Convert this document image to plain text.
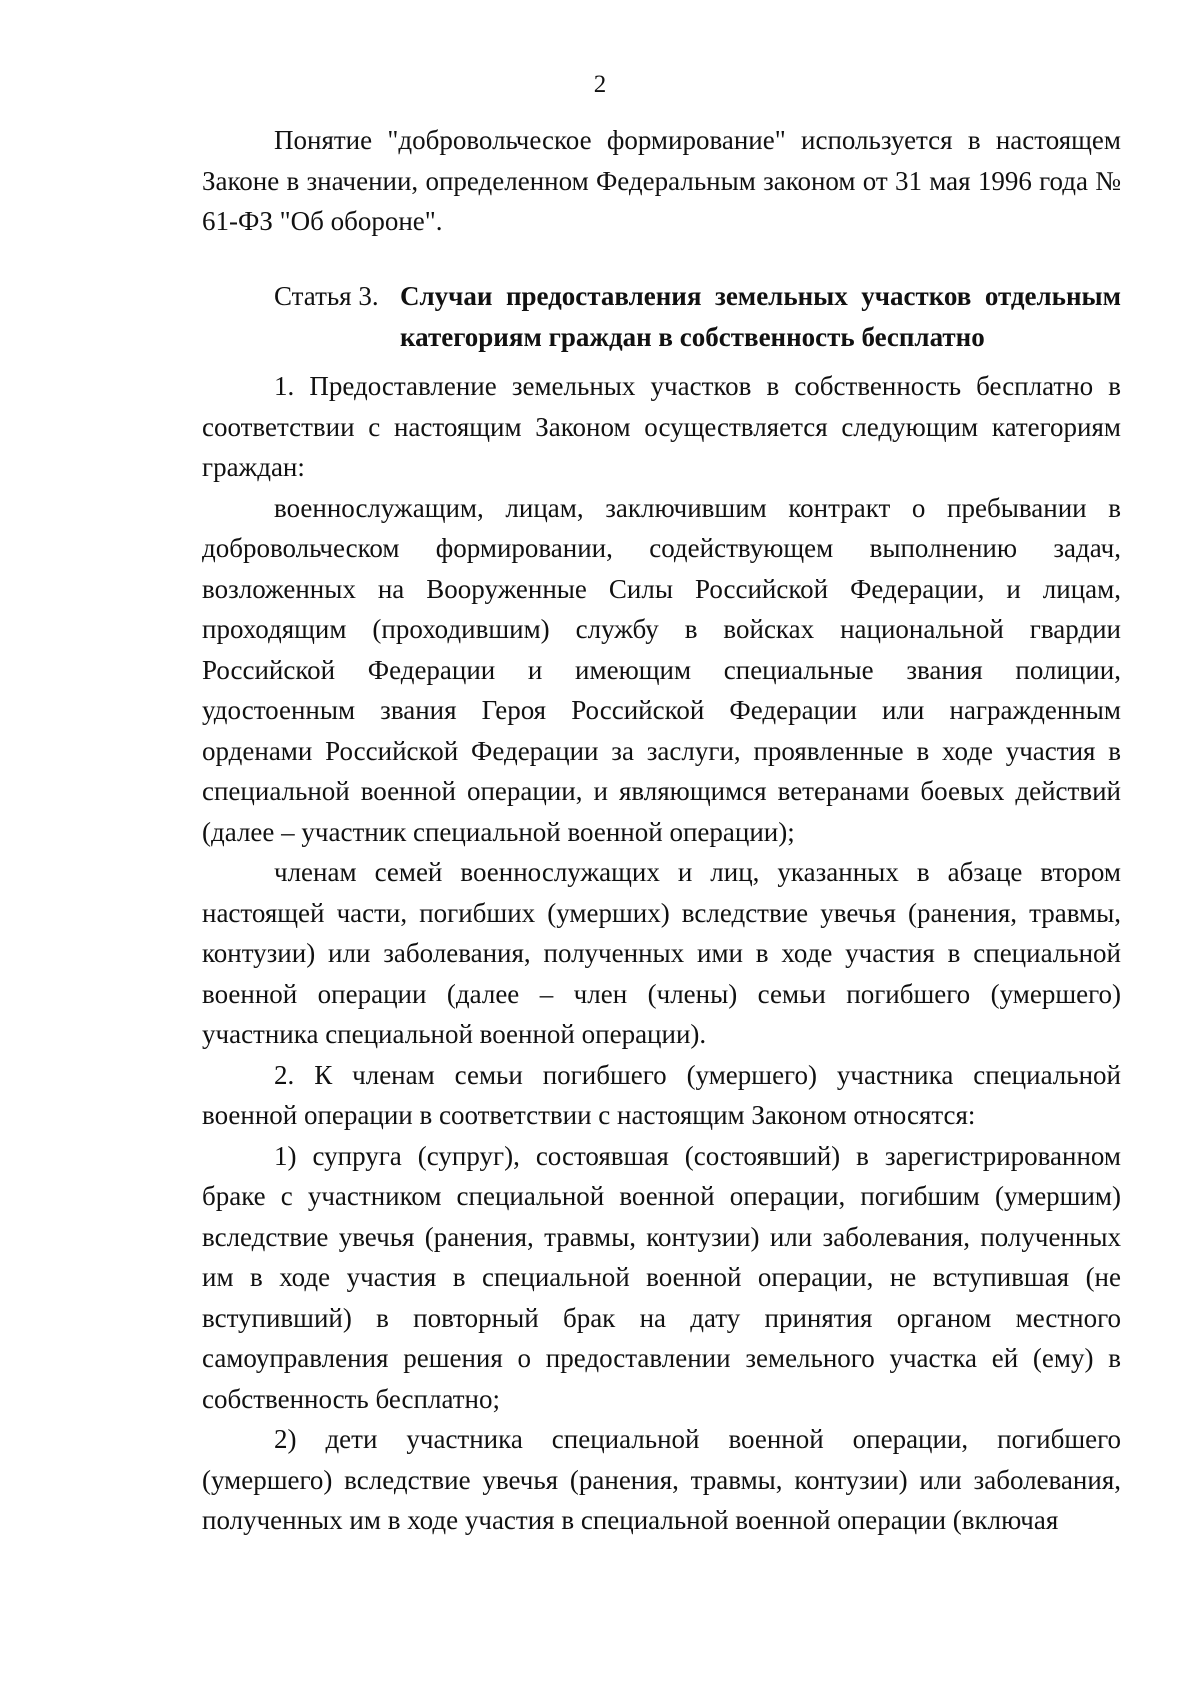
2

Понятие "добровольческое формирование" используется в настоящем Законе в значении, определенном Федеральным законом от 31 мая 1996 года № 61-ФЗ "Об обороне".

Статья 3. Случаи предоставления земельных участков отдельным категориям граждан в собственность бесплатно

1. Предоставление земельных участков в собственность бесплатно в соответствии с настоящим Законом осуществляется следующим категориям граждан:

военнослужащим, лицам, заключившим контракт о пребывании в добровольческом формировании, содействующем выполнению задач, возложенных на Вооруженные Силы Российской Федерации, и лицам, проходящим (проходившим) службу в войсках национальной гвардии Российской Федерации и имеющим специальные звания полиции, удостоенным звания Героя Российской Федерации или награжденным орденами Российской Федерации за заслуги, проявленные в ходе участия в специальной военной операции, и являющимся ветеранами боевых действий (далее – участник специальной военной операции);

членам семей военнослужащих и лиц, указанных в абзаце втором настоящей части, погибших (умерших) вследствие увечья (ранения, травмы, контузии) или заболевания, полученных ими в ходе участия в специальной военной операции (далее – член (члены) семьи погибшего (умершего) участника специальной военной операции).

2. К членам семьи погибшего (умершего) участника специальной военной операции в соответствии с настоящим Законом относятся:

1) супруга (супруг), состоявшая (состоявший) в зарегистрированном браке с участником специальной военной операции, погибшим (умершим) вследствие увечья (ранения, травмы, контузии) или заболевания, полученных им в ходе участия в специальной военной операции, не вступившая (не вступивший) в повторный брак на дату принятия органом местного самоуправления решения о предоставлении земельного участка ей (ему) в собственность бесплатно;

2) дети участника специальной военной операции, погибшего (умершего) вследствие увечья (ранения, травмы, контузии) или заболевания, полученных им в ходе участия в специальной военной операции (включая
